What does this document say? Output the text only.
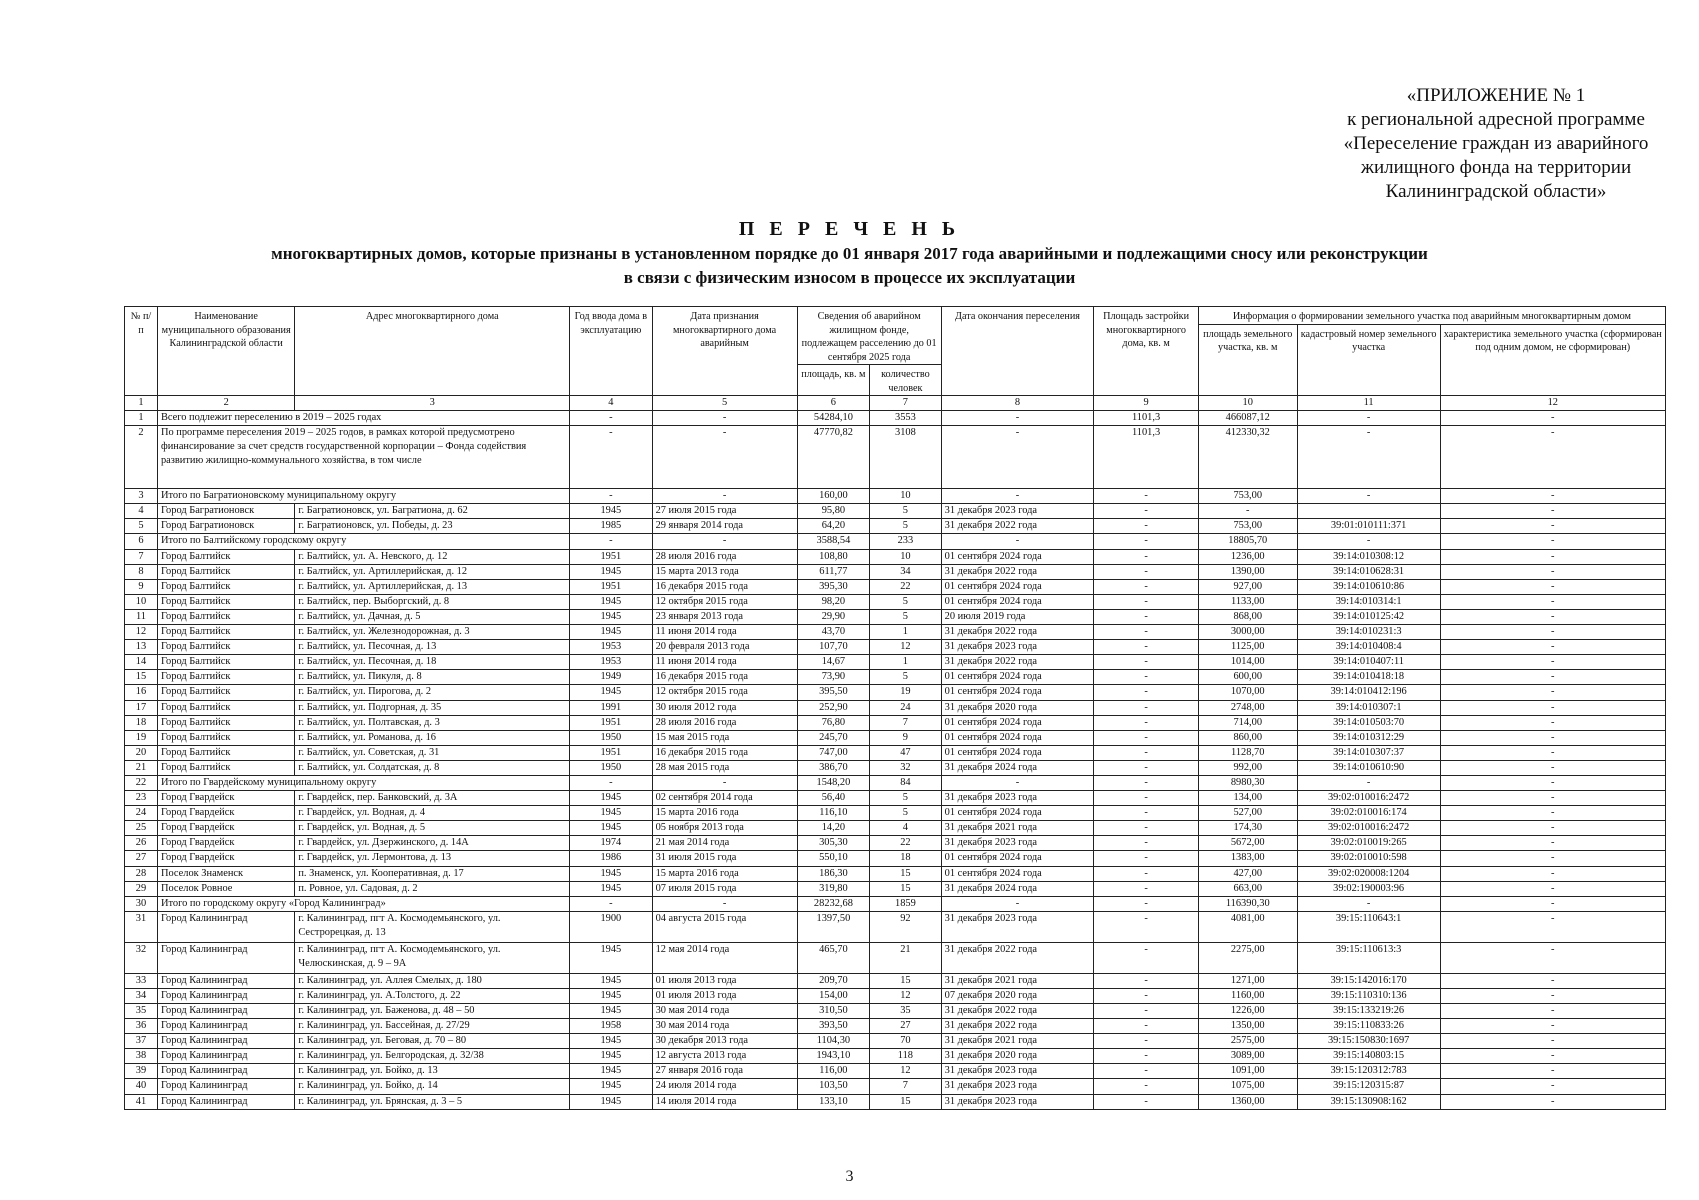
«ПРИЛОЖЕНИЕ № 1
к региональной адресной программе
«Переселение граждан из аварийного
жилищного фонда на территории
Калининградской области»
П Е Р Е Ч Е Н Ь
многоквартирных домов, которые признаны в установленном порядке до 01 января 2017 года аварийными и подлежащими сносу или реконструкции
в связи с физическим износом в процессе их эксплуатации
№ п/п	Наименование муниципального образования Калининградской области	Адрес многоквартирного дома	Год ввода дома в эксплуатацию	Дата признания многоквартирного дома аварийным	Сведения об аварийном жилищном фонде, подлежащем расселению до 01 сентября 2025 года		Дата окончания переселения	Площадь застройки многоквартирного дома, кв. м	Информация о формировании земельного участка под аварийным многоквартирным домом		
									площадь земельного участка, кв. м	кадастровый номер земельного участка	характеристика земельного участка (сформирован под одним домом, не сформирован)
					площадь, кв. м	количество человек					
1	2	3	4	5	6	7	8	9	10	11	12
1	Всего подлежит переселению в 2019 – 2025 годах		-	-	54284,10	3553	-	1101,3	466087,12	-	-
2	По программе переселения 2019 – 2025 годов, в рамках которой предусмотрено финансирование за счет средств государственной корпорации – Фонда содействия развитию жилищно-коммунального хозяйства, в том числе		-	-	47770,82	3108	-	1101,3	412330,32	-	-
3	Итого по Багратионовскому муниципальному округу		-	-	160,00	10	-	-	753,00	-	-
4	Город Багратионовск	г. Багратионовск, ул. Багратиона, д. 62	1945	27 июля 2015 года	95,80	5	31 декабря 2023 года	-	-		-
5	Город Багратионовск	г. Багратионовск, ул. Победы, д. 23	1985	29 января 2014 года	64,20	5	31 декабря 2022 года	-	753,00	39:01:010111:371	-
6	Итого по Балтийскому городскому округу		-	-	3588,54	233	-	-	18805,70	-	-
7	Город Балтийск	г. Балтийск, ул. А. Невского, д. 12	1951	28 июля 2016 года	108,80	10	01 сентября 2024 года	-	1236,00	39:14:010308:12	-
8	Город Балтийск	г. Балтийск, ул. Артиллерийская, д. 12	1945	15 марта 2013 года	611,77	34	31 декабря 2022 года	-	1390,00	39:14:010628:31	-
9	Город Балтийск	г. Балтийск, ул. Артиллерийская, д. 13	1951	16 декабря 2015 года	395,30	22	01 сентября 2024 года	-	927,00	39:14:010610:86	-
10	Город Балтийск	г. Балтийск, пер. Выборгский, д. 8	1945	12 октября 2015 года	98,20	5	01 сентября 2024 года	-	1133,00	39:14:010314:1	-
11	Город Балтийск	г. Балтийск, ул. Дачная, д. 5	1945	23 января 2013 года	29,90	5	20 июля 2019 года	-	868,00	39:14:010125:42	-
12	Город Балтийск	г. Балтийск, ул. Железнодорожная, д. 3	1945	11 июня 2014 года	43,70	1	31 декабря 2022 года	-	3000,00	39:14:010231:3	-
13	Город Балтийск	г. Балтийск, ул. Песочная, д. 13	1953	20 февраля 2013 года	107,70	12	31 декабря 2023 года	-	1125,00	39:14:010408:4	-
14	Город Балтийск	г. Балтийск, ул. Песочная, д. 18	1953	11 июня 2014 года	14,67	1	31 декабря 2022 года	-	1014,00	39:14:010407:11	-
15	Город Балтийск	г. Балтийск, ул. Пикуля, д. 8	1949	16 декабря 2015 года	73,90	5	01 сентября 2024 года	-	600,00	39:14:010418:18	-
16	Город Балтийск	г. Балтийск, ул. Пирогова, д. 2	1945	12 октября 2015 года	395,50	19	01 сентября 2024 года	-	1070,00	39:14:010412:196	-
17	Город Балтийск	г. Балтийск, ул. Подгорная, д. 35	1991	30 июля 2012 года	252,90	24	31 декабря 2020 года	-	2748,00	39:14:010307:1	-
18	Город Балтийск	г. Балтийск, ул. Полтавская, д. 3	1951	28 июля 2016 года	76,80	7	01 сентября 2024 года	-	714,00	39:14:010503:70	-
19	Город Балтийск	г. Балтийск, ул. Романова, д. 16	1950	15 мая 2015 года	245,70	9	01 сентября 2024 года	-	860,00	39:14:010312:29	-
20	Город Балтийск	г. Балтийск, ул. Советская, д. 31	1951	16 декабря 2015 года	747,00	47	01 сентября 2024 года	-	1128,70	39:14:010307:37	-
21	Город Балтийск	г. Балтийск, ул. Солдатская, д. 8	1950	28 мая 2015 года	386,70	32	31 декабря 2024 года	-	992,00	39:14:010610:90	-
22	Итого по Гвардейскому муниципальному округу		-	-	1548,20	84	-	-	8980,30	-	-
23	Город Гвардейск	г. Гвардейск, пер. Банковский, д. 3А	1945	02 сентября 2014 года	56,40	5	31 декабря 2023 года	-	134,00	39:02:010016:2472	-
24	Город Гвардейск	г. Гвардейск, ул. Водная, д. 4	1945	15 марта 2016 года	116,10	5	01 сентября 2024 года	-	527,00	39:02:010016:174	-
25	Город Гвардейск	г. Гвардейск, ул. Водная, д. 5	1945	05 ноября 2013 года	14,20	4	31 декабря 2021 года	-	174,30	39:02:010016:2472	-
26	Город Гвардейск	г. Гвардейск, ул. Дзержинского, д. 14А	1974	21 мая 2014 года	305,30	22	31 декабря 2023 года	-	5672,00	39:02:010019:265	-
27	Город Гвардейск	г. Гвардейск, ул. Лермонтова, д. 13	1986	31 июля 2015 года	550,10	18	01 сентября 2024 года	-	1383,00	39:02:010010:598	-
28	Поселок Знаменск	п. Знаменск, ул. Кооперативная, д. 17	1945	15 марта 2016 года	186,30	15	01 сентября 2024 года	-	427,00	39:02:020008:1204	-
29	Поселок Ровное	п. Ровное, ул. Садовая, д. 2	1945	07 июля 2015 года	319,80	15	31 декабря 2024 года	-	663,00	39:02:190003:96	-
30	Итого по городскому округу «Город Калининград»		-	-	28232,68	1859	-	-	116390,30	-	-
31	Город Калининград	г. Калининград, пгт А. Космодемьянского, ул. Сестрорецкая, д. 13	1900	04 августа 2015 года	1397,50	92	31 декабря 2023 года	-	4081,00	39:15:110643:1	-
32	Город Калининград	г. Калининград, пгт А. Космодемьянского, ул. Челюскинская, д. 9 – 9А	1945	12 мая 2014 года	465,70	21	31 декабря 2022 года	-	2275,00	39:15:110613:3	-
33	Город Калининград	г. Калининград, ул. Аллея Смелых, д. 180	1945	01 июля 2013 года	209,70	15	31 декабря 2021 года	-	1271,00	39:15:142016:170	-
34	Город Калининград	г. Калининград, ул. А.Толстого, д. 22	1945	01 июля 2013 года	154,00	12	07 декабря 2020 года	-	1160,00	39:15:110310:136	-
35	Город Калининград	г. Калининград, ул. Баженова, д. 48 – 50	1945	30 мая 2014 года	310,50	35	31 декабря 2022 года	-	1226,00	39:15:133219:26	-
36	Город Калининград	г. Калининград, ул. Бассейная, д. 27/29	1958	30 мая 2014 года	393,50	27	31 декабря 2022 года	-	1350,00	39:15:110833:26	-
37	Город Калининград	г. Калининград, ул. Беговая, д. 70 – 80	1945	30 декабря 2013 года	1104,30	70	31 декабря 2021 года	-	2575,00	39:15:150830:1697	-
38	Город Калининград	г. Калининград, ул. Белгородская, д. 32/38	1945	12 августа 2013 года	1943,10	118	31 декабря 2020 года	-	3089,00	39:15:140803:15	-
39	Город Калининград	г. Калининград, ул. Бойко, д. 13	1945	27 января 2016 года	116,00	12	31 декабря 2023 года	-	1091,00	39:15:120312:783	-
40	Город Калининград	г. Калининград, ул. Бойко, д. 14	1945	24 июля 2014 года	103,50	7	31 декабря 2023 года	-	1075,00	39:15:120315:87	-
41	Город Калининград	г. Калининград, ул. Брянская, д. 3 – 5	1945	14 июля 2014 года	133,10	15	31 декабря 2023 года	-	1360,00	39:15:130908:162	-
3
